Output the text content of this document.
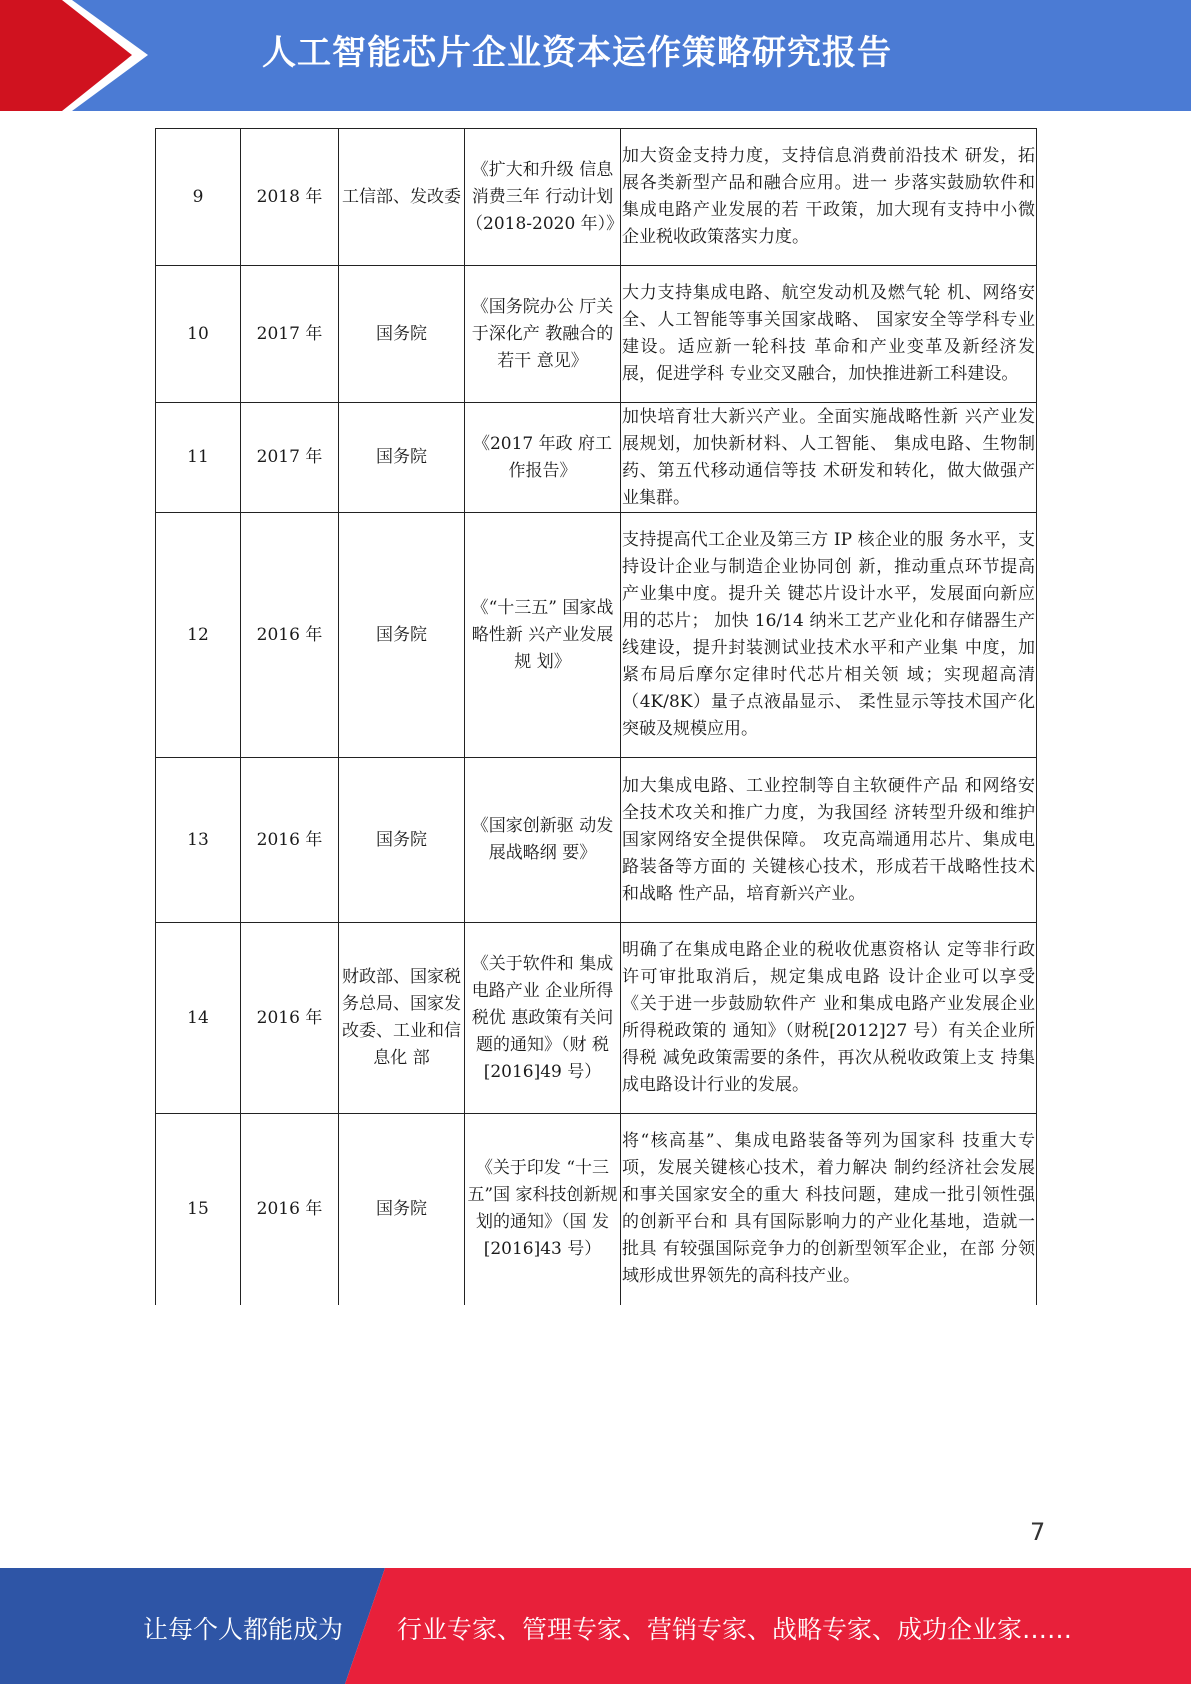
人工智能芯片企业资本运作策略研究报告
9	2018 年	工信部、发改委	《扩大和升级 信息消费三年 行动计划 （2018-2020 年）》	加大资金支持力度，支持信息消费前沿技术 研发，拓展各类新型产品和融合应用。进一 步落实鼓励软件和集成电路产业发展的若 干政策，加大现有支持中小微企业税收政策落实力度。
10	2017 年	国务院	《国务院办公 厅关于深化产 教融合的若干 意见》	大力支持集成电路、航空发动机及燃气轮 机、网络安全、人工智能等事关国家战略、 国家安全等学科专业建设。适应新一轮科技 革命和产业变革及新经济发展，促进学科 专业交叉融合，加快推进新工科建设。
11	2017 年	国务院	《2017 年政 府工作报告》	加快培育壮大新兴产业。全面实施战略性新 兴产业发展规划，加快新材料、人工智能、 集成电路、生物制药、第五代移动通信等技 术研发和转化，做大做强产业集群。
12	2016 年	国务院	《“十三五” 国家战略性新 兴产业发展规 划》	支持提高代工企业及第三方 IP 核企业的服 务水平，支持设计企业与制造企业协同创 新，推动重点环节提高产业集中度。提升关 键芯片设计水平，发展面向新应用的芯片； 加快 16/14 纳米工艺产业化和存储器生产 线建设，提升封装测试业技术水平和产业集 中度，加紧布局后摩尔定律时代芯片相关领 域；实现超高清（4K/8K）量子点液晶显示、 柔性显示等技术国产化突破及规模应用。
13	2016 年	国务院	《国家创新驱 动发展战略纲 要》	加大集成电路、工业控制等自主软硬件产品 和网络安全技术攻关和推广力度，为我国经 济转型升级和维护国家网络安全提供保障。 攻克高端通用芯片、集成电路装备等方面的 关键核心技术，形成若干战略性技术和战略 性产品，培育新兴产业。
14	2016 年	财政部、国家税务总局、国家发改委、工业和信息化 部	《关于软件和 集成电路产业 企业所得税优 惠政策有关问 题的通知》（财 税[2016]49 号）	明确了在集成电路企业的税收优惠资格认 定等非行政许可审批取消后，规定集成电路 设计企业可以享受《关于进一步鼓励软件产 业和集成电路产业发展企业所得税政策的 通知》（财税[2012]27 号）有关企业所得税 减免政策需要的条件，再次从税收政策上支 持集成电路设计行业的发展。
15	2016 年	国务院	《关于印发 “十三五”国 家科技创新规 划的通知》（国 发[2016]43 号）	将“核高基”、集成电路装备等列为国家科 技重大专项，发展关键核心技术，着力解决 制约经济社会发展和事关国家安全的重大 科技问题，建成一批引领性强的创新平台和 具有国际影响力的产业化基地，造就一批具 有较强国际竞争力的创新型领军企业，在部 分领域形成世界领先的高科技产业。
7
让每个人都能成为 行业专家、管理专家、营销专家、战略专家、成功企业家……
